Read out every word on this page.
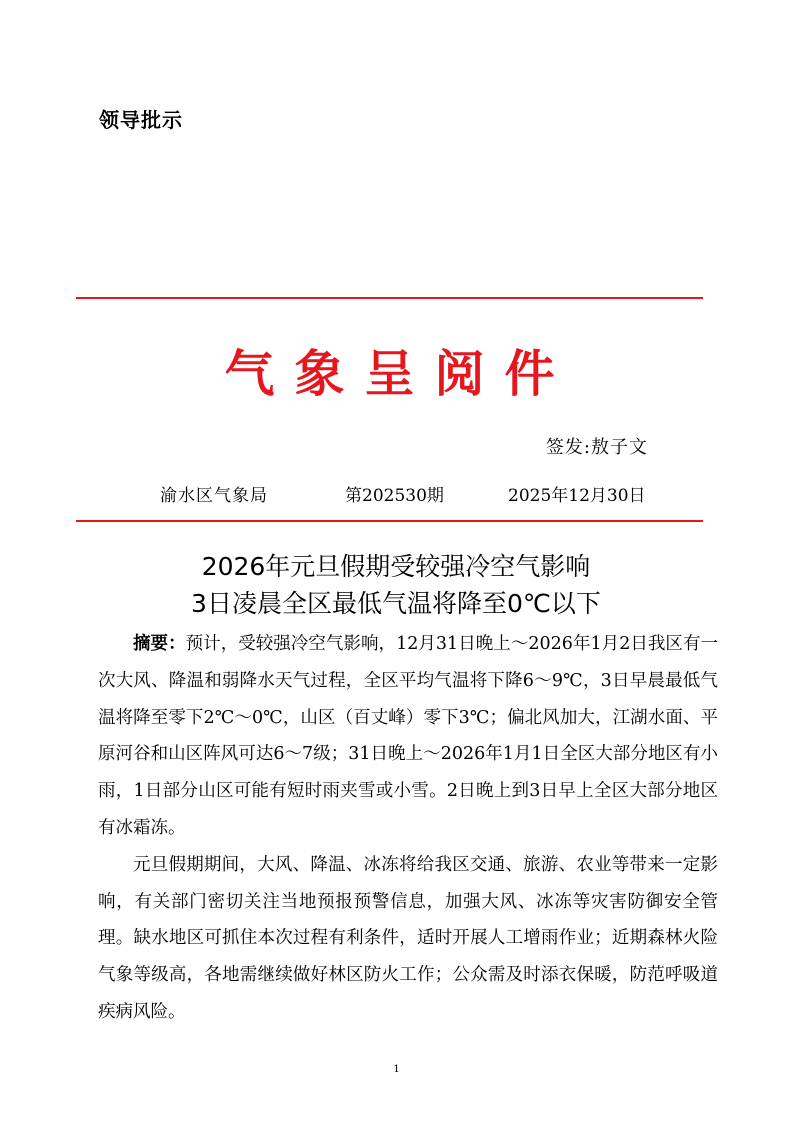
领导批示
气 象 呈 阅 件
签发:敖子文
渝水区气象局	第202530期	2025年12月30日
2026年元旦假期受较强冷空气影响
3日凌晨全区最低气温将降至0℃以下

摘要：预计，受较强冷空气影响，12月31日晚上～2026年1月2日我区有一次大风、降温和弱降水天气过程，全区平均气温将下降6～9℃，3日早晨最低气温将降至零下2℃～0℃，山区（百丈峰）零下3℃；偏北风加大，江湖水面、平原河谷和山区阵风可达6～7级；31日晚上～2026年1月1日全区大部分地区有小雨，1日部分山区可能有短时雨夹雪或小雪。2日晚上到3日早上全区大部分地区有冰霜冻。

元旦假期期间，大风、降温、冰冻将给我区交通、旅游、农业等带来一定影响，有关部门密切关注当地预报预警信息，加强大风、冰冻等灾害防御安全管理。缺水地区可抓住本次过程有利条件，适时开展人工增雨作业；近期森林火险气象等级高，各地需继续做好林区防火工作；公众需及时添衣保暖，防范呼吸道疾病风险。

1
